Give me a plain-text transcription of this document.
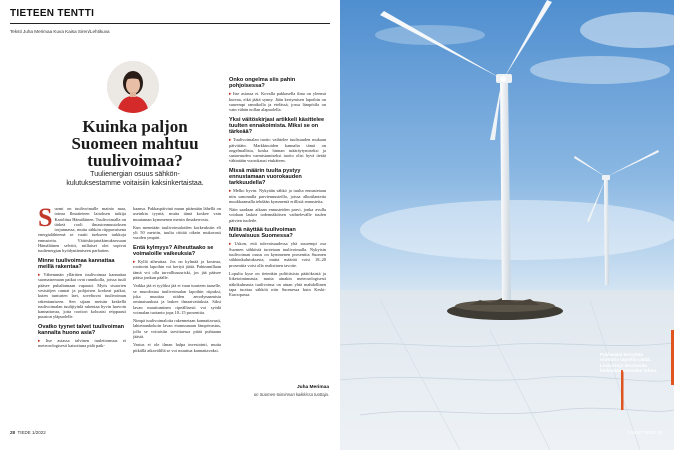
TIETEEN TENTTI
Teksti Juha Merimaa Kuva Kaisa Siren/Lehtikuva
Kuinka paljon
Suomeen mahtuu
tuulivoimaa?
Tuulienergian osuus sähkön-
kulutuksestamme voitaisiin kaksinkertaistaa.

Suomi on tuulivoimalle mainio maa, toteaa Ilmatieteen laitoksen tutkija Karoliina Hämäläinen. Tuulivoimalla on tärkeä rooli ilmastonmuutoksen torjunnassa, mutta sähkön riippuvaisena energialähteenä se vaatii tuekseen tarkkoja ennusteita. Väitöskirjatutkimuksessaan Hämäläinen selvitti, millaiset olot sopivat tuulienergian hyödyntämiseen parhaiten.

Minne tuulivoimaa kannattaa meillä rakentaa?

▸ Vähemmän ylläräten tuulivoimaa kannattaa suomaisemaan paikat ovat rannikolla, joissa tuuli pääsee puhaltamaan vapaasti. Myös sisaorten vesistöjen rannat ja pohjoisen korkeat paikat, kuten tunturien laet, soveltuvat tuulivoiman rakentamiseen. Sen sijaan metsän keskellä tuulivoimalan tuulijtyinlä rakentaa hyvin harvoin kannattavaa, jotta roottori kohoaisi reippaasti puuston yläpuolelle.

Ovatko tyynet talvet tuulivoiman kannalta huono asia?

▸ Itse asiassa talvinen tuulettomuus ei meteorologisesti katsottuna pidä paik-

kaansa. Pakkaspäivinä muun pitämään lähellä on useinkin tyyntä, mutta tämä koskee vain muutaman kymmenen metrin ilmakerrosta.

Kun menetään tuulivoimaloiden korkeuksiin eli yli 50 metriin, tuulta riittää oikein mukavasti vuoden ympäri.

Entä kylmyys? Aiheuttaako se voimaloille vaikeuksia?

▸ Kyllä aiheuttaa. Jos on kylmää ja kosteaa, roottorin lapoihin voi kertyä jäätä. Pahimmillaan tämä voi olla turvallisuusriski, jos jää pääsee pääsa jonkun päälle.

Vaikka jää ei tyyliksi jää ei vaan tuurteen taaselle, se muodostaa tuulivoimalan lapoihin riipuksi, joka muuttaa niiden aerodynaamisia ominaisuuksia ja laskee ilmaaivaituksia. Siksi lavan muuttuminen ripeällisesti voi syödä voimalan tuotanto jopa 10–15 prosenttia.

Nimpä tuulivoimaloita rakennetaan kannattavasti, lahtetaankokoin lavan etumuunaan lämpövastus, jolla se voitaisiin tarvittaessa pitää puhtaana jäästä.

Vastus ei ole ilman halpa investointi, mutta pitkällä aikavälillä se voi muuttua kannattavaksi.

Onko ongelma siis pahin pohjoisessa?

▸ Itse asiassa ei. Kovalla pakkasella ilma on yleensä kuivaa, eikä jäätä synny. Jään kertymisen lapoihin on suurempi rannikolla ja etelässä, jossa lämpötila on vain vähän nollan alapuolella.

Yksi väitöskirjasi artikkeli käsittelee tuulten ennakoimista. Miksi se on tärkeää?

▸ Tuulivoimalan tuotto vaihtelee tuulisuuden mukaan päivittäin. Markkinoiden kannalta tämä on ongelmallista, koska hinnan määräytymiseksi ja saatavuuden varmistamiseksi tuotto olisi hyvä tietää vähintään vuorokausi etukäteen.

Missä määrin tuulta pystyy ennustamaan vuorokauden tarkkuudella?

▸ Melko hyvin. Nykyään sähkö ja tuulta ennustetaan niin sanomalla parviennusteilla, joissa alkutilanteita muokkaamalla tehdään kymmeniä erillisiä ennusteita.

Näin saadaan aikaan ennusteiden parvi, jonka avulla voidaan laskea todennäköisen vaihtelevälle tuulen päivien tuuletle.

Miltä näyttää tuulivoiman tulevaisuus Suomessa?

▸ Uskon, että tulevaisuudessa yhä suurempi osa Suomen sähköstä tuotetaan tuulivoimalla. Nykyisin tuulivoiman osuus on kymmenen prosenttia Suomen sähkönkulutuksesta, mutta määrää voisi 18–20 prosenttia voisi olla realistinen tavoite.

Lopulta kyse on tietenkin poliittisista päätöksistä ja liiketoiminnasta, mutta ainakin meteorologisesti näkökulmasta tuulivoima on ainan yhtä mahdollinen tapa tuottaa sähköä niin Suomessa kuin Keski-Euroopassa.

Juha Merimaa
on Suomen-toiminnan kaikkissa tuottaja.
28 TIEDE 1/2022
Pakkasäsi kerryttää
roottorin lapoihin jäätä.
Lisävirtoyt ilmanvaitu
heikentää voimalan tehoa.
1/2022 TIEDE 29
